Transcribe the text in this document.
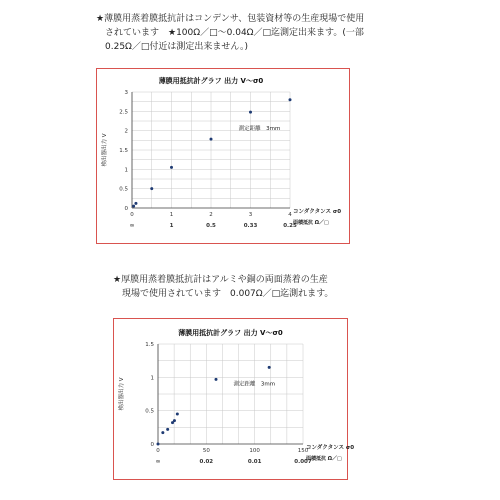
★薄膜用蒸着膜抵抗計はコンデンサ、包装資材等の生産現場で使用
　されています　★100Ω／□～0.04Ω／□迄測定出来ます。(一部
　0.25Ω／□付近は測定出来ません。)
薄膜用抵抗計グラフ 出力 V～σ0
0
0.5
1
1.5
2
2.5
3
0	1	2	3	4
∞	1	0.5	0.33	0.25
コンダクタンス σ0
面積抵抗 Ω／□
検出器出力 V
測定距離　3mm
★厚膜用蒸着膜抵抗計はアルミや銅の両面蒸着の生産
　現場で使用されています　0.007Ω／□迄測れます。
薄膜用抵抗計グラフ 出力 V～σ0
0
0.5
1
1.5
0	50	100	150
∞	0.02	0.01	0.007
コンダクタンス σ0
面積抵抗 Ω／□
検出器出力 V	測定距離　3mm
